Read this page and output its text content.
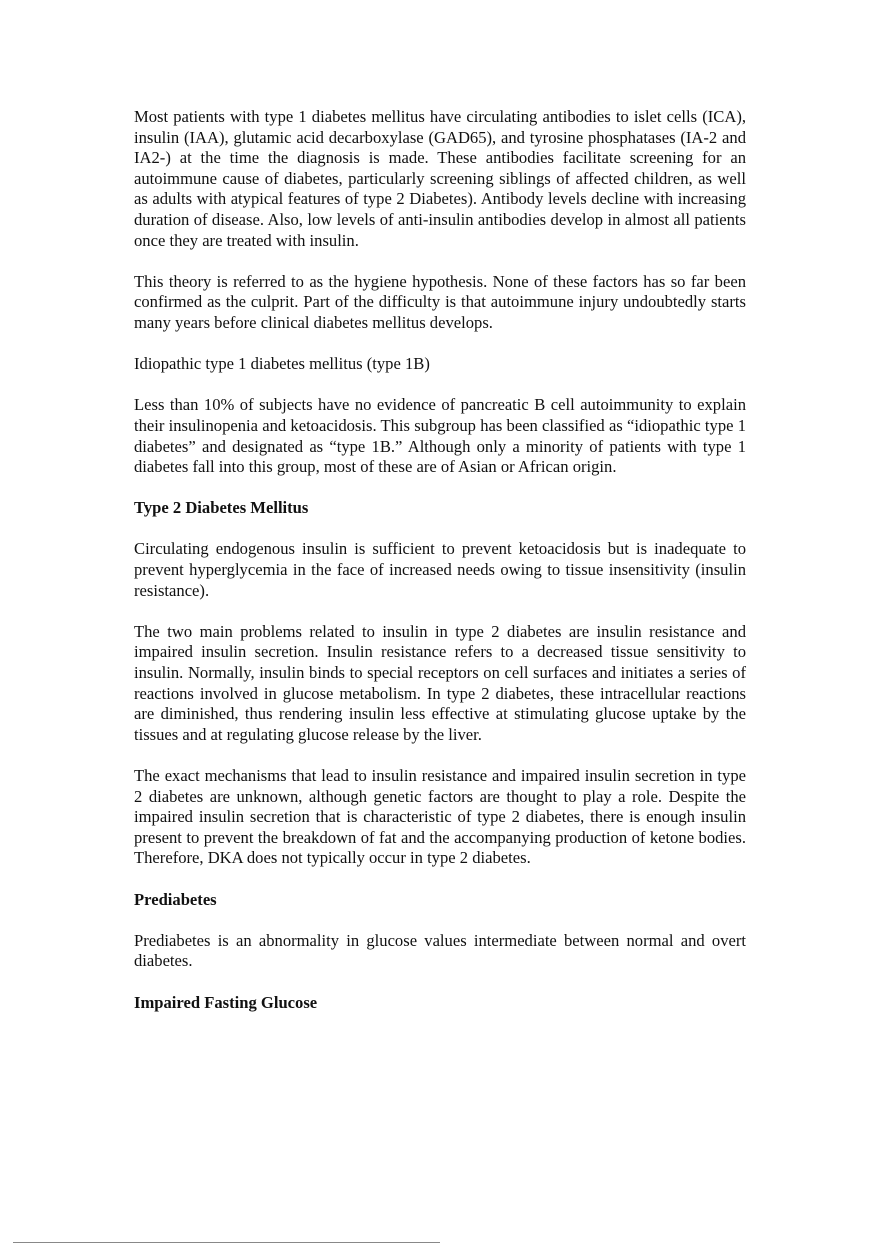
Most patients with type 1 diabetes mellitus have circulating antibodies to islet cells (ICA), insulin (IAA), glutamic acid decarboxylase (GAD65), and tyrosine phosphatases (IA-2 and IA2-) at the time the diagnosis is made. These antibodies facilitate screening for an autoimmune cause of diabetes, particularly screening siblings of affected children, as well as adults with atypical features of type 2 Diabetes). Antibody levels decline with increasing duration of disease. Also, low levels of anti-insulin antibodies develop in almost all patients once they are treated with insulin.

This theory is referred to as the hygiene hypothesis. None of these factors has so far been confirmed as the culprit. Part of the difficulty is that autoimmune injury undoubtedly starts many years before clinical diabetes mellitus develops.

Idiopathic type 1 diabetes mellitus (type 1B)

Less than 10% of subjects have no evidence of pancreatic B cell autoimmunity to explain their insulinopenia and ketoacidosis. This subgroup has been classified as “idiopathic type 1 diabetes” and designated as “type 1B.” Although only a minority of patients with type 1 diabetes fall into this group, most of these are of Asian or African origin.

Type 2 Diabetes Mellitus

Circulating endogenous insulin is sufficient to prevent ketoacidosis but is inadequate to prevent hyperglycemia in the face of increased needs owing to tissue insensitivity (insulin resistance).

The two main problems related to insulin in type 2 diabetes are insulin resistance and impaired insulin secretion. Insulin resistance refers to a decreased tissue sensitivity to insulin. Normally, insulin binds to special receptors on cell surfaces and initiates a series of reactions involved in glucose metabolism. In type 2 diabetes, these intracellular reactions are diminished, thus rendering insulin less effective at stimulating glucose uptake by the tissues and at regulating glucose release by the liver.

The exact mechanisms that lead to insulin resistance and impaired insulin secretion in type 2 diabetes are unknown, although genetic factors are thought to play a role. Despite the impaired insulin secretion that is characteristic of type 2 diabetes, there is enough insulin present to prevent the breakdown of fat and the accompanying production of ketone bodies. Therefore, DKA does not typically occur in type 2 diabetes.

Prediabetes

Prediabetes is an abnormality in glucose values intermediate between normal and overt diabetes.

Impaired Fasting Glucose
